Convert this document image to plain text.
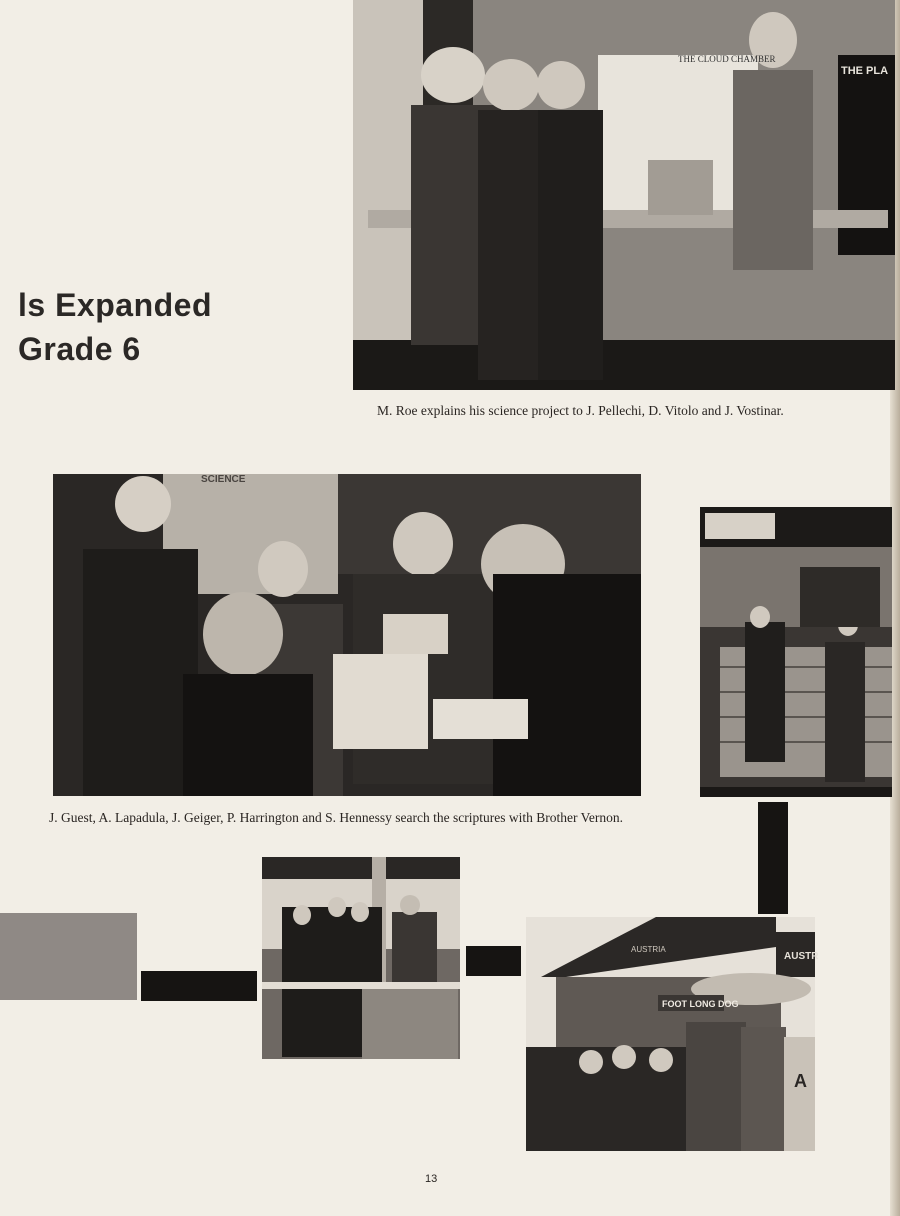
ls Expanded
Grade 6
THE CLOUD CHAMBER
THE PLA
M. Roe explains his science project to J. Pellechi, D. Vitolo and J. Vostinar.
SCIENCE
J. Guest, A. Lapadula, J. Geiger, P. Harrington and S. Hennessy search the scriptures with Brother Vernon.
AUSTR
AUSTRIA
FOOT LONG DOG
A
13
